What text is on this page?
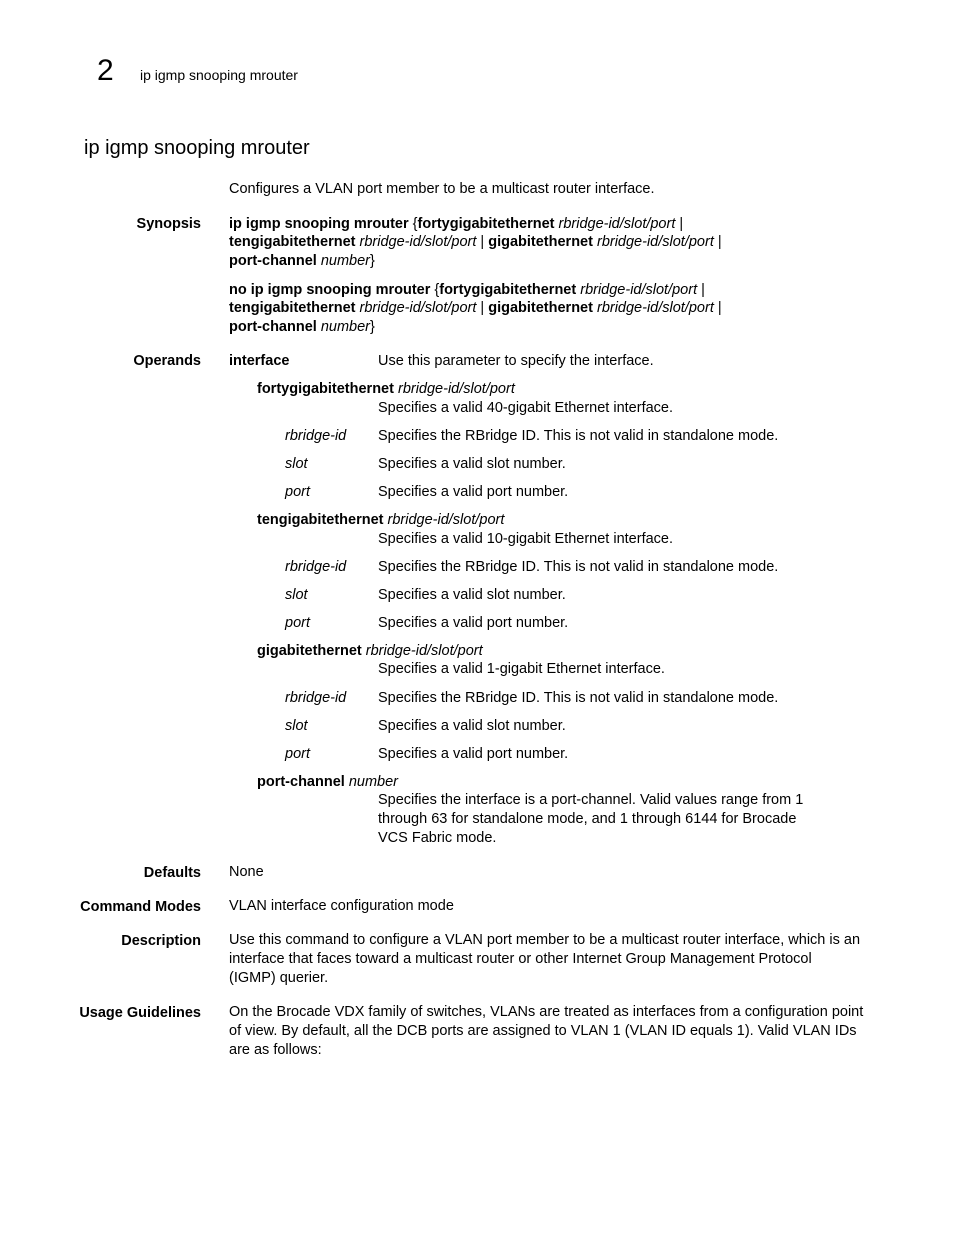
2 ip igmp snooping mrouter
ip igmp snooping mrouter
Configures a VLAN port member to be a multicast router interface.
Synopsis ip igmp snooping mrouter {fortygigabitethernet rbridge-id/slot/port |
tengigabitethernet rbridge-id/slot/port | gigabitethernet rbridge-id/slot/port |
port-channel number}
no ip igmp snooping mrouter {fortygigabitethernet rbridge-id/slot/port |
tengigabitethernet rbridge-id/slot/port | gigabitethernet rbridge-id/slot/port |
port-channel number}
Operands interface	Use this parameter to specify the interface.
fortygigabitethernet rbridge-id/slot/port
Specifies a valid 40-gigabit Ethernet interface.
rbridge-id Specifies the RBridge ID. This is not valid in standalone mode.
slot	Specifies a valid slot number.
port	Specifies a valid port number.
tengigabitethernet rbridge-id/slot/port
Specifies a valid 10-gigabit Ethernet interface.
rbridge-id Specifies the RBridge ID. This is not valid in standalone mode.
slot	Specifies a valid slot number.
port	Specifies a valid port number.
gigabitethernet rbridge-id/slot/port
Specifies a valid 1-gigabit Ethernet interface.
rbridge-id Specifies the RBridge ID. This is not valid in standalone mode.
slot	Specifies a valid slot number.
port	Specifies a valid port number.
port-channel number
Specifies the interface is a port-channel. Valid values range from 1
through 63 for standalone mode, and 1 through 6144 for Brocade
VCS Fabric mode.
Defaults None
Command Modes VLAN interface configuration mode
Description Use this command to configure a VLAN port member to be a multicast router interface, which is an
interface that faces toward a multicast router or other Internet Group Management Protocol
(IGMP) querier.
Usage Guidelines On the Brocade VDX family of switches, VLANs are treated as interfaces from a configuration point
of view. By default, all the DCB ports are assigned to VLAN 1 (VLAN ID equals 1). Valid VLAN IDs
are as follows:
